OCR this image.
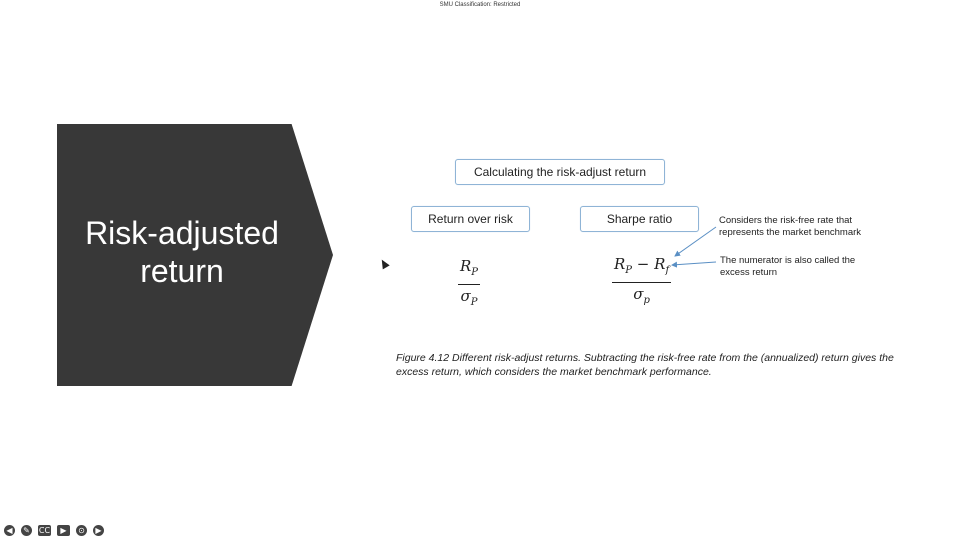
SMU Classification: Restricted
Risk-adjusted
return
Calculating the risk-adjust return
Return over risk	Sharpe ratio
$\frac{R_P}{\sigma_P}$	$\frac{R_P - R_f}{\sigma_p}$
Considers the risk-free rate that represents the market benchmark
The numerator is also called the excess return
Figure 4.12 Different risk-adjust returns. Subtracting the risk-free rate from the (annualized) return gives the excess return, which considers the market benchmark performance.
◀	✎ CC	▶	⊙	▶
